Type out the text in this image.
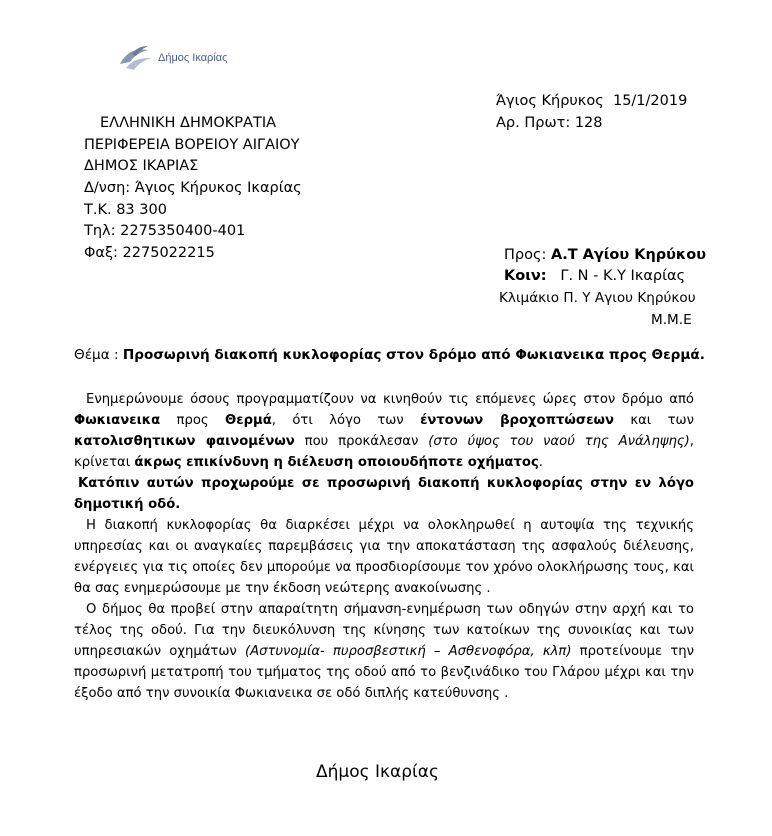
Δήμος Ικαρίας
Άγιος Κήρυκος 15/1/2019
Αρ. Πρωτ: 128
ΕΛΛΗΝΙΚΗ ΔΗΜΟΚΡΑΤΙΑ
ΠΕΡΙΦΕΡΕΙΑ ΒΟΡΕΙΟΥ ΑΙΓΑΙΟΥ
ΔΗΜΟΣ ΙΚΑΡΙΑΣ
Δ/νση: Άγιος Κήρυκος Ικαρίας
Τ.Κ. 83 300
Τηλ: 2275350400-401
Φαξ: 2275022215	Προς: Α.Τ Αγίου Κηρύκου
Κοιν: Γ. Ν - Κ.Υ Ικαρίας
Κλιμάκιο Π. Υ Αγιου Κηρύκου
Μ.Μ.Ε
Θέμα : Προσωρινή διακοπή κυκλοφορίας στον δρόμο από Φωκιανεικα προς Θερμά.

Ενημερώνουμε όσους προγραμματίζουν να κινηθούν τις επόμενες ώρες στον δρόμο από Φωκιανεικα προς Θερμά, ότι λόγο των έντονων βροχοπτώσεων και των κατολισθητικων φαινομένων που προκάλεσαν (στο ύψος του ναού της Ανάληψης), κρίνεται άκρως επικίνδυνη η διέλευση οποιουδήποτε οχήματος.

Κατόπιν αυτών προχωρούμε σε προσωρινή διακοπή κυκλοφορίας στην εν λόγο δημοτική οδό.

Η διακοπή κυκλοφορίας θα διαρκέσει μέχρι να ολοκληρωθεί η αυτοψία της τεχνικής υπηρεσίας και οι αναγκαίες παρεμβάσεις για την αποκατάσταση της ασφαλούς διέλευσης, ενέργειες για τις οποίες δεν μπορούμε να προσδιορίσουμε τον χρόνο ολοκλήρωσης τους, και θα σας ενημερώσουμε με την έκδοση νεώτερης ανακοίνωσης .

Ο δήμος θα προβεί στην απαραίτητη σήμανση-ενημέρωση των οδηγών στην αρχή και το τέλος της οδού. Για την διευκόλυνση της κίνησης των κατοίκων της συνοικίας και των υπηρεσιακών οχημάτων (Αστυνομία- πυροσβεστική – Ασθενοφόρα, κλπ) προτείνουμε την προσωρινή μετατροπή του τμήματος της οδού από το βενζινάδικο του Γλάρου μέχρι και την έξοδο από την συνοικία Φωκιανεικα σε οδό διπλής κατεύθυνσης .

Δήμος Ικαρίας
